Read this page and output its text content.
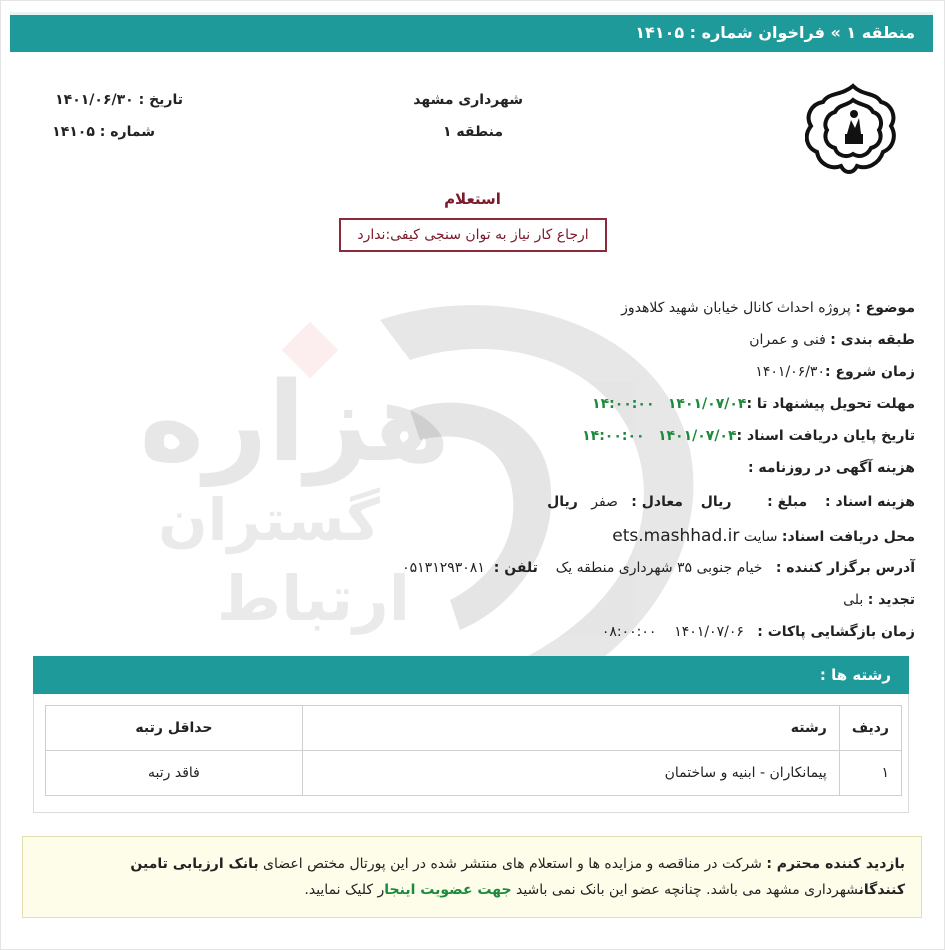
منطقه ۱ » فراخوان شماره : ۱۴۱۰۵
شهرداری مشهد
منطقه ۱
تاریخ : ۱۴۰۱/۰۶/۳۰
شماره : ۱۴۱۰۵
استعلام
ارجاع کار نیاز به توان سنجی کیفی:ندارد
هزاره
گستران
ارتباط
موضوع : پروژه احداث کانال خیابان شهید کلاهدوز
طبقه بندی : فنی و عمران
زمان شروع :۱۴۰۱/۰۶/۳۰
مهلت تحویل پیشنهاد تا :۱۴۰۱/۰۷/۰۴   ۱۴:۰۰:۰۰
تاریخ پایان دریافت اسناد :۱۴۰۱/۰۷/۰۴   ۱۴:۰۰:۰۰
هزینه آگهی در روزنامه :
هزینه اسناد :    مبلغ :        ریال    معادل :   صفر   ریال
محل دریافت اسناد: سایت ets.mashhad.ir
آدرس برگزار کننده :   خیام جنوبی ۳۵ شهرداری منطقه یک    تلفن :  ۰۵۱۳۱۲۹۳۰۸۱
تجدید : بلی
زمان بازگشایی پاکات :   ۱۴۰۱/۰۷/۰۶    ۰۸:۰۰:۰۰
رشته ها :
ردیف	رشته	حداقل رتبه
۱	پیمانکاران - ابنیه و ساختمان	فاقد رتبه
بازدید کننده محترم : شرکت در مناقصه و مزایده ها و استعلام های منتشر شده در این پورتال مختص اعضای بانک ارزیابی تامین کنندگانشهرداری مشهد می باشد. چنانچه عضو این بانک نمی باشید جهت عضویت اینجار کلیک نمایید.
